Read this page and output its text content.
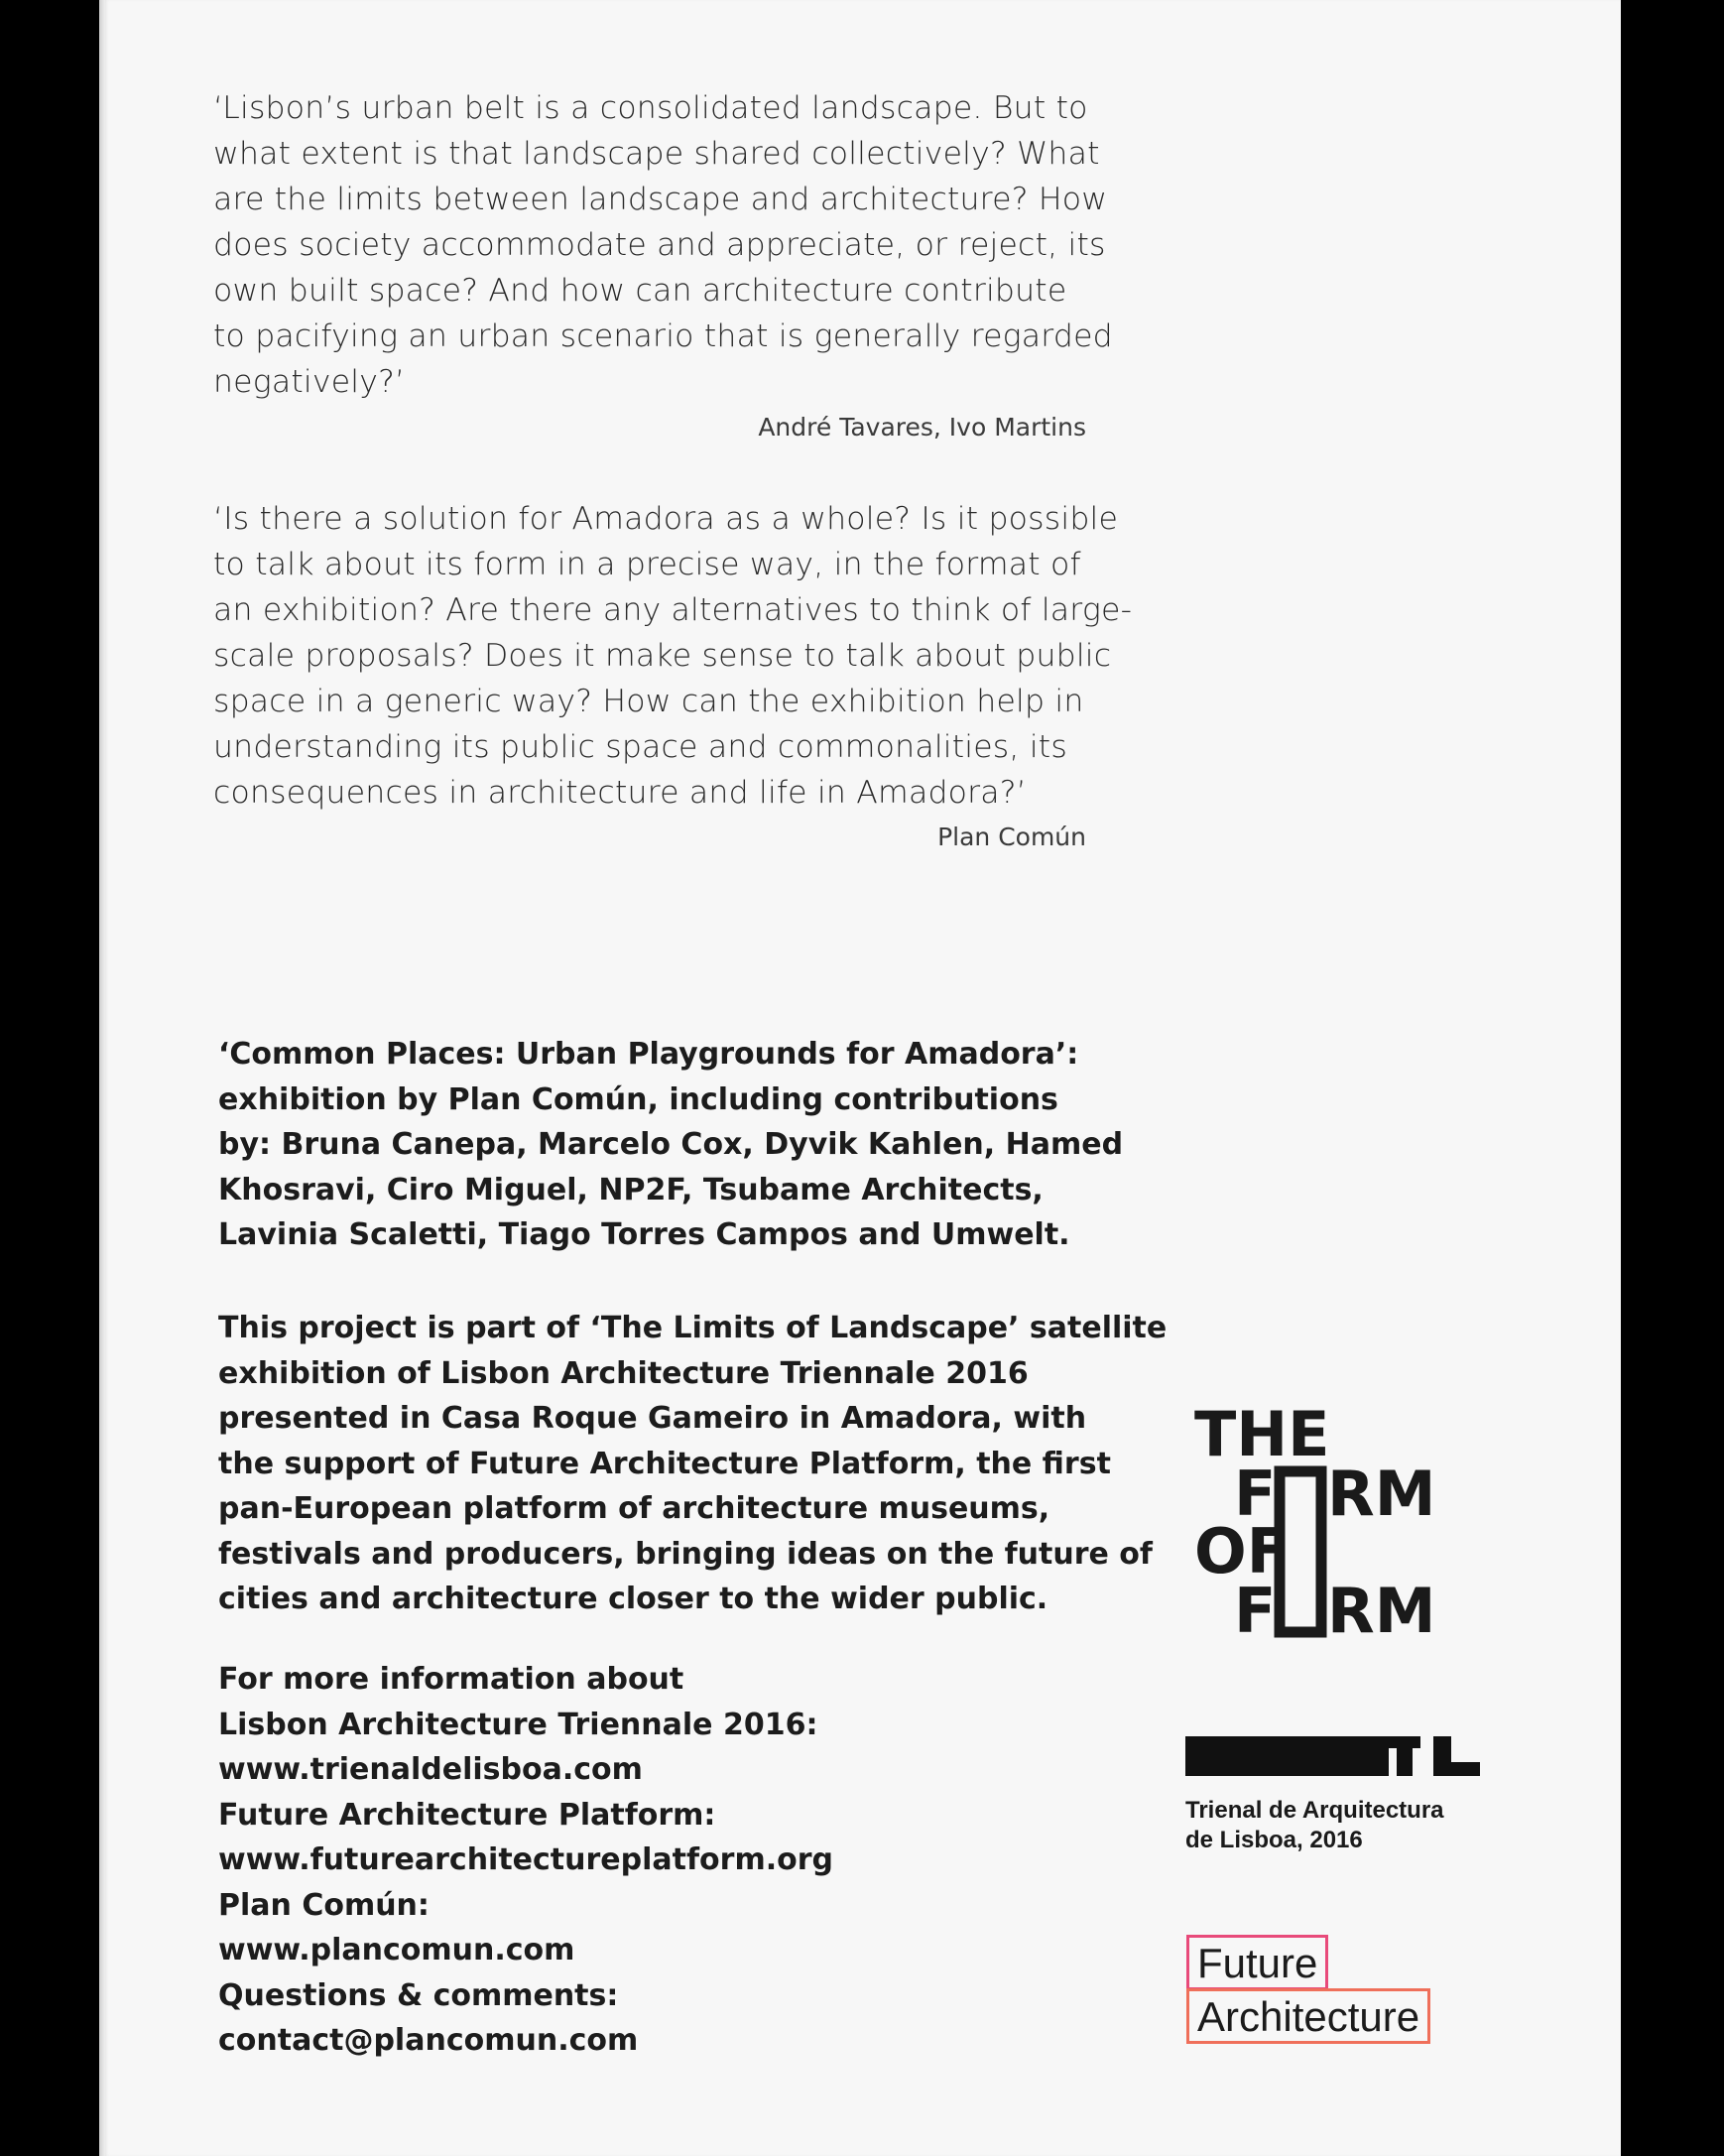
‘Lisbon’s urban belt is a consolidated landscape. But to
what extent is that landscape shared collectively? What
are the limits between landscape and architecture? How
does society accommodate and appreciate, or reject, its
own built space? And how can architecture contribute
to pacifying an urban scenario that is generally regarded
negatively?’
André Tavares, Ivo Martins
‘Is there a solution for Amadora as a whole? Is it possible
to talk about its form in a precise way, in the format of
an exhibition? Are there any alternatives to think of large-
scale proposals? Does it make sense to talk about public
space in a generic way? How can the exhibition help in
understanding its public space and commonalities, its
consequences in architecture and life in Amadora?’
Plan Común
‘Common Places: Urban Playgrounds for Amadora’:
exhibition by Plan Común, including contributions
by: Bruna Canepa, Marcelo Cox, Dyvik Kahlen, Hamed
Khosravi, Ciro Miguel, NP2F, Tsubame Architects,
Lavinia Scaletti, Tiago Torres Campos and Umwelt.
This project is part of ‘The Limits of Landscape’ satellite
exhibition of Lisbon Architecture Triennale 2016
presented in Casa Roque Gameiro in Amadora, with
the support of Future Architecture Platform, the first
pan-European platform of architecture museums,
festivals and producers, bringing ideas on the future of
cities and architecture closer to the wider public.
For more information about
Lisbon Architecture Triennale 2016:
www.trienaldelisboa.com
Future Architecture Platform:
www.futurearchitectureplatform.org
Plan Común:
www.plancomun.com
Questions & comments:
contact@plancomun.com
THE
F RM
OF
F RM
Trienal de Arquitectura
de Lisboa, 2016
Future
Architecture
